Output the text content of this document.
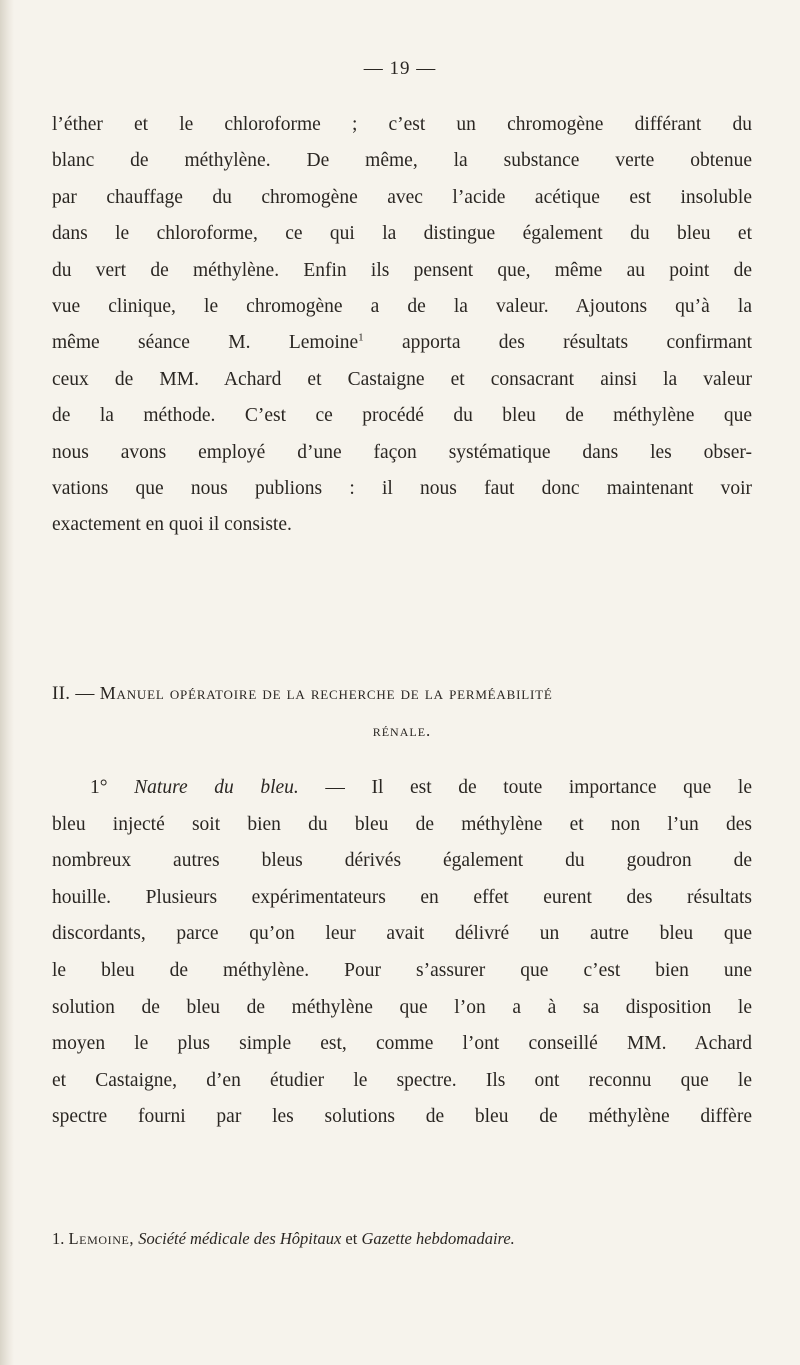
— 19 —
l’éther et le chloroforme ; c’est un chromogène différant du
blanc de méthylène. De même, la substance verte obtenue
par chauffage du chromogène avec l’acide acétique est insoluble
dans le chloroforme, ce qui la distingue également du bleu et
du vert de méthylène. Enfin ils pensent que, même au point de
vue clinique, le chromogène a de la valeur. Ajoutons qu’à la
même séance M. Lemoine$^1$ apporta des résultats confirmant
ceux de MM. Achard et Castaigne et consacrant ainsi la valeur
de la méthode. C’est ce procédé du bleu de méthylène que
nous avons employé d’une façon systématique dans les obser-
vations que nous publions : il nous faut donc maintenant voir
exactement en quoi il consiste.
II. — Manuel opératoire de la recherche de la perméabilité
rénale.
1° Nature du bleu. — Il est de toute importance que le
bleu injecté soit bien du bleu de méthylène et non l’un des
nombreux autres bleus dérivés également du goudron de
houille. Plusieurs expérimentateurs en effet eurent des résultats
discordants, parce qu’on leur avait délivré un autre bleu que
le bleu de méthylène. Pour s’assurer que c’est bien une
solution de bleu de méthylène que l’on a à sa disposition le
moyen le plus simple est, comme l’ont conseillé MM. Achard
et Castaigne, d’en étudier le spectre. Ils ont reconnu que le
spectre fourni par les solutions de bleu de méthylène diffère
1. Lemoine, Société médicale des Hôpitaux et Gazette hebdomadaire.
